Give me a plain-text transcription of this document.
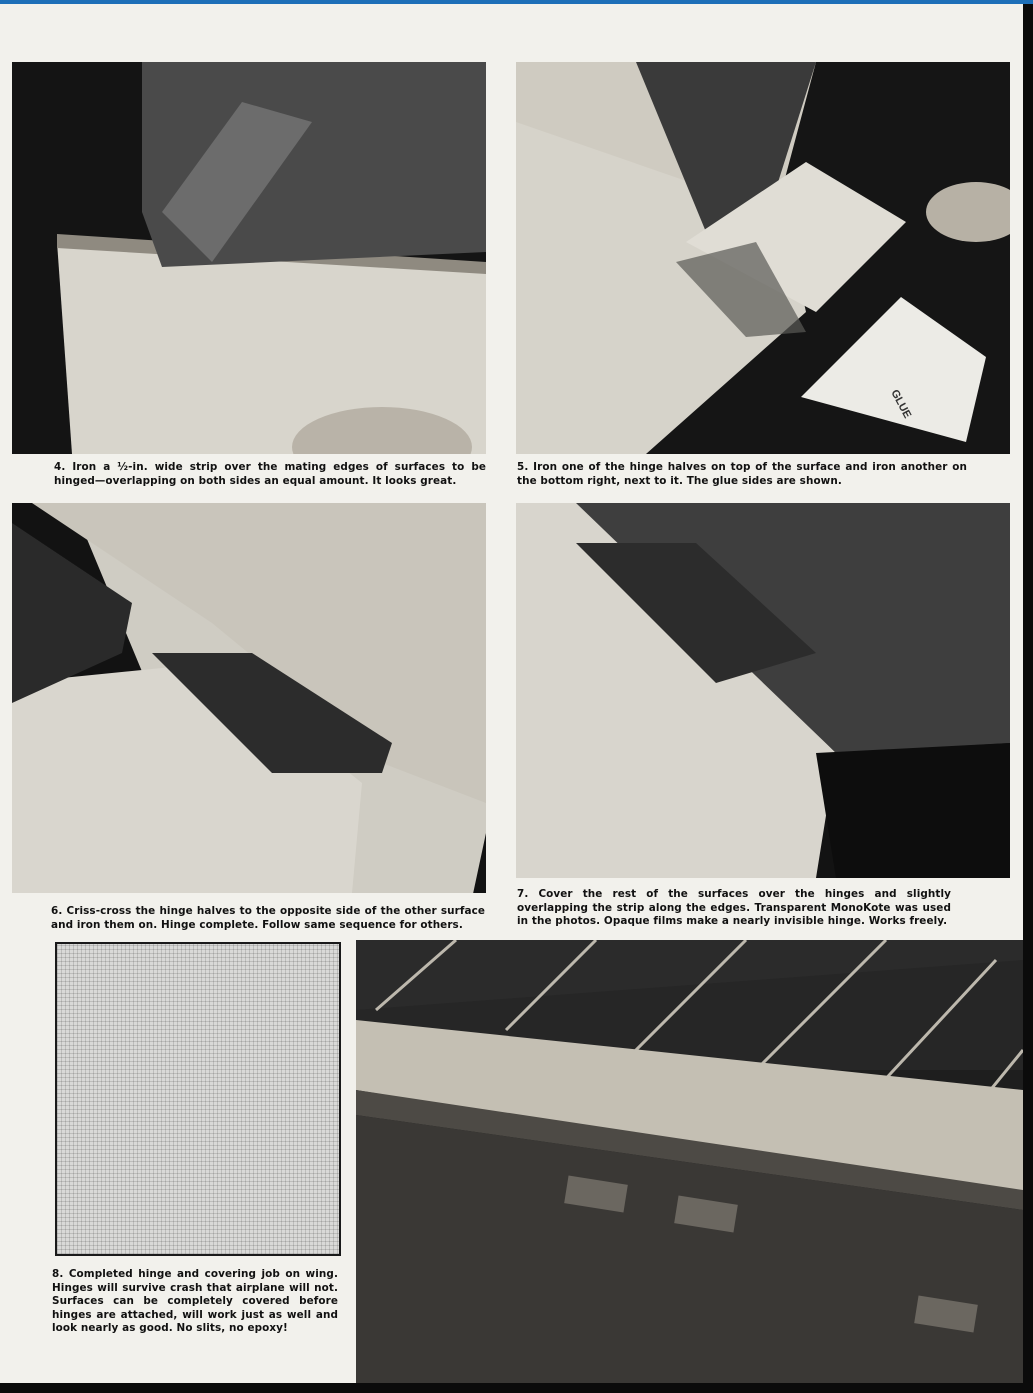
GLUE
4. Iron a ½-in. wide strip over the mating edges of surfaces to be hinged—overlapping on both sides an equal amount. It looks great.
5. Iron one of the hinge halves on top of the surface and iron another on the bottom right, next to it. The glue sides are shown.
6. Criss-cross the hinge halves to the opposite side of the other surface and iron them on. Hinge complete. Follow same sequence for others.
7. Cover the rest of the surfaces over the hinges and slightly overlapping the strip along the edges. Transparent MonoKote was used in the photos. Opaque films make a nearly invisible hinge. Works freely.
8. Completed hinge and covering job on wing. Hinges will survive crash that airplane will not. Surfaces can be completely covered before hinges are attached, will work just as well and look nearly as good. No slits, no epoxy!
